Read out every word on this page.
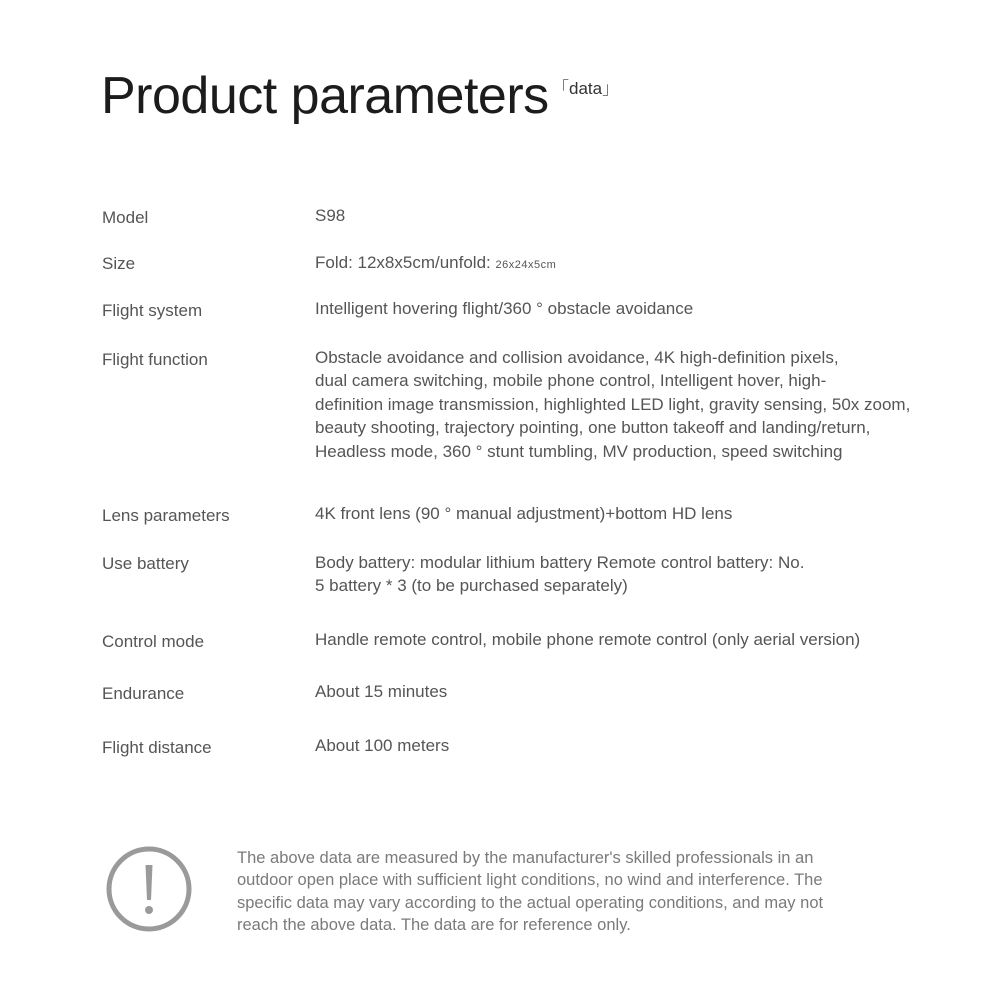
Product parameters 「data」
Model	S98
Size	Fold: 12x8x5cm/unfold: 26x24x5cm
Flight system	Intelligent hovering flight/360 ° obstacle avoidance
Flight function	Obstacle avoidance and collision avoidance, 4K high-definition pixels,
dual camera switching, mobile phone control, Intelligent hover, high-
definition image transmission, highlighted LED light, gravity sensing, 50x zoom,
beauty shooting, trajectory pointing, one button takeoff and landing/return,
Headless mode, 360 ° stunt tumbling, MV production, speed switching
Lens parameters	4K front lens (90 ° manual adjustment)+bottom HD lens
Use battery	Body battery: modular lithium battery Remote control battery: No.
5 battery * 3 (to be purchased separately)
Control mode	Handle remote control, mobile phone remote control (only aerial version)
Endurance	About 15 minutes
Flight distance	About 100 meters
The above data are measured by the manufacturer's skilled professionals in an
outdoor open place with sufficient light conditions, no wind and interference. The
specific data may vary according to the actual operating conditions, and may not
reach the above data. The data are for reference only.
